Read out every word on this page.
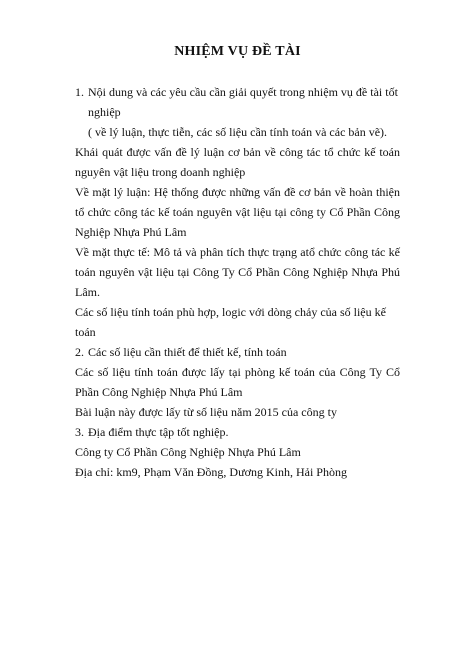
NHIỆM VỤ ĐỀ TÀI
1. Nội dung và các yêu cầu cần giải quyết trong nhiệm vụ đề tài tốt nghiệp
( về lý luận, thực tiễn, các số liệu cần tính toán và các bản vẽ).
Khái quát được vấn đề lý luận cơ bản về công tác tổ chức kế toán nguyên vật liệu trong doanh nghiệp
Về mặt lý luận: Hệ thống được những vấn đề cơ bản về hoàn thiện tổ chức công tác kế toán nguyên vật liệu tại công ty Cổ Phần Công Nghiệp Nhựa Phú Lâm
Về mặt thực tế: Mô tả và phân tích thực trạng atổ chức công tác kế toán nguyên vật liệu tại Công Ty Cổ Phần Công Nghiệp Nhựa Phú Lâm.
Các số liệu tính toán phù hợp, logic với dòng chảy của số liệu kế toán
2. Các số liệu cần thiết để thiết kế, tính toán
Các số liệu tính toán được lấy tại phòng kế toán của Công Ty Cổ Phần Công Nghiệp Nhựa Phú Lâm
Bài luận này được lấy từ số liệu năm 2015 của công ty
3. Địa điểm thực tập tốt nghiệp.
Công ty Cổ Phần Công Nghiệp Nhựa Phú Lâm
Địa chỉ: km9, Phạm Văn Đồng, Dương Kinh, Hải Phòng
